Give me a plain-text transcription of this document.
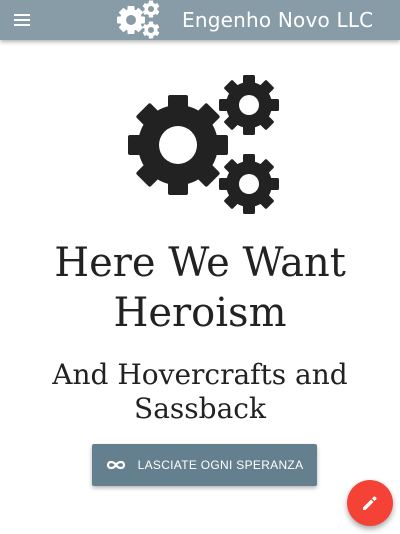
Engenho Novo LLC
Here We Want Heroism
And Hovercrafts and Sassback
LASCIATE OGNI SPERANZA
